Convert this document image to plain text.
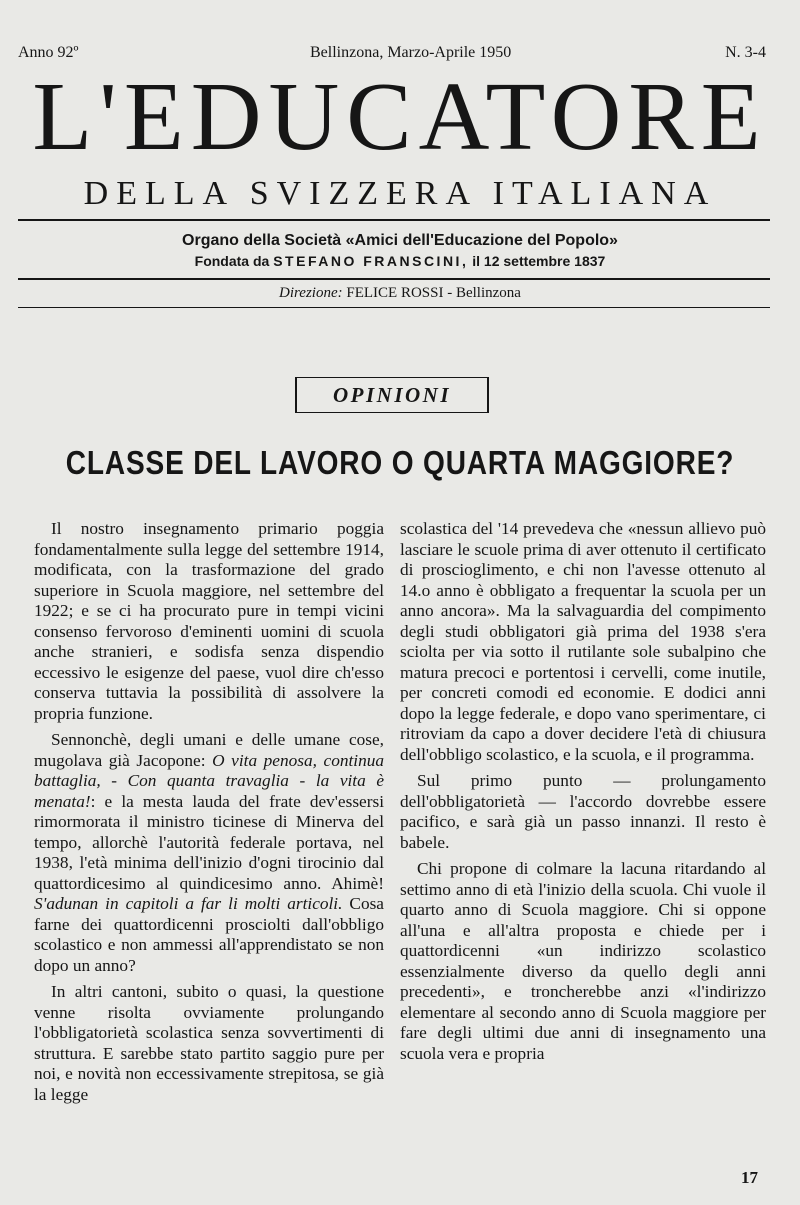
Anno 92º	Bellinzona, Marzo-Aprile 1950	N. 3-4
L'EDUCATORE
DELLA SVIZZERA ITALIANA
Organo della Società «Amici dell'Educazione del Popolo»
Fondata da STEFANO FRANSCINI, il 12 settembre 1837
Direzione: FELICE ROSSI - Bellinzona
OPINIONI
CLASSE DEL LAVORO O QUARTA MAGGIORE?

Il nostro insegnamento primario poggia fondamentalmente sulla legge del settembre 1914, modificata, con la trasformazione del grado superiore in Scuola maggiore, nel settembre del 1922; e se ci ha procurato pure in tempi vicini consenso fervoroso d'eminenti uomini di scuola anche stranieri, e sodisfa senza dispendio eccessivo le esigenze del paese, vuol dire ch'esso conserva tuttavia la possibilità di assolvere la propria funzione.

Sennonchè, degli umani e delle umane cose, mugolava già Jacopone: O vita penosa, continua battaglia, - Con quanta travaglia - la vita è menata!: e la mesta lauda del frate dev'essersi rimormorata il ministro ticinese di Minerva del tempo, allorchè l'autorità federale portava, nel 1938, l'età minima dell'inizio d'ogni tirocinio dal quattordicesimo al quindicesimo anno. Ahimè! S'adunan in capitoli a far li molti articoli. Cosa farne dei quattordicenni prosciolti dall'obbligo scolastico e non ammessi all'apprendistato se non dopo un anno?

In altri cantoni, subito o quasi, la questione venne risolta ovviamente prolungando l'obbligatorietà scolastica senza sovvertimenti di struttura. E sarebbe stato partito saggio pure per noi, e novità non eccessivamente strepitosa, se già la legge

scolastica del '14 prevedeva che «nessun allievo può lasciare le scuole prima di aver ottenuto il certificato di proscioglimento, e chi non l'avesse ottenuto al 14.o anno è obbligato a frequentar la scuola per un anno ancora». Ma la salvaguardia del compimento degli studi obbligatori già prima del 1938 s'era sciolta per via sotto il rutilante sole subalpino che matura precoci e portentosi i cervelli, come inutile, per concreti comodi ed economie. E dodici anni dopo la legge federale, e dopo vano sperimentare, ci ritroviam da capo a dover decidere l'età di chiusura dell'obbligo scolastico, e la scuola, e il programma.

Sul primo punto — prolungamento dell'obbligatorietà — l'accordo dovrebbe essere pacifico, e sarà già un passo innanzi. Il resto è babele.

Chi propone di colmare la lacuna ritardando al settimo anno di età l'inizio della scuola. Chi vuole il quarto anno di Scuola maggiore. Chi si oppone all'una e all'altra proposta e chiede per i quattordicenni «un indirizzo scolastico essenzialmente diverso da quello degli anni precedenti», e troncherebbe anzi «l'indirizzo elementare al secondo anno di Scuola maggiore per fare degli ultimi due anni di insegnamento una scuola vera e propria

17
